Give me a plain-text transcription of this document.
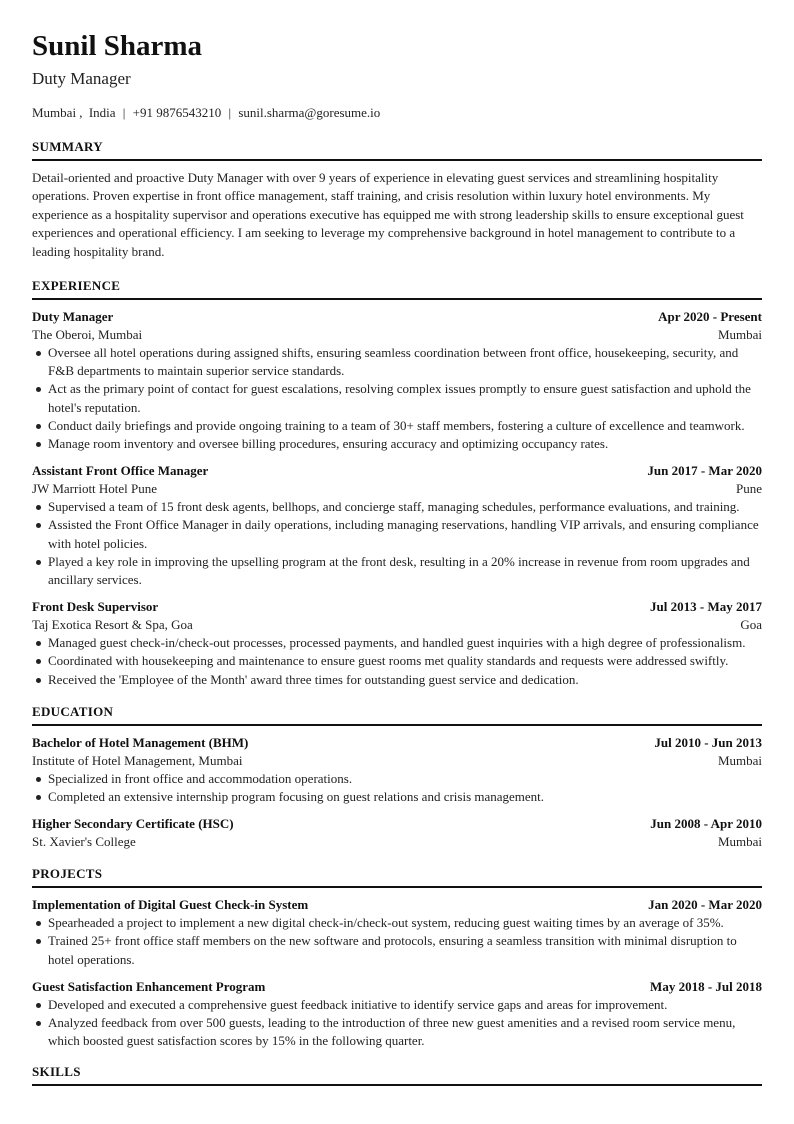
Sunil Sharma
Duty Manager
Mumbai , India | +91 9876543210 | sunil.sharma@goresume.io
SUMMARY
Detail-oriented and proactive Duty Manager with over 9 years of experience in elevating guest services and streamlining hospitality operations. Proven expertise in front office management, staff training, and crisis resolution within luxury hotel environments. My experience as a hospitality supervisor and operations executive has equipped me with strong leadership skills to ensure exceptional guest experiences and operational efficiency. I am seeking to leverage my comprehensive background in hotel management to contribute to a leading hospitality brand.
EXPERIENCE
Duty Manager	Apr 2020 - Present
The Oberoi, Mumbai	Mumbai
Oversee all hotel operations during assigned shifts, ensuring seamless coordination between front office, housekeeping, security, and F&B departments to maintain superior service standards.
Act as the primary point of contact for guest escalations, resolving complex issues promptly to ensure guest satisfaction and uphold the hotel's reputation.
Conduct daily briefings and provide ongoing training to a team of 30+ staff members, fostering a culture of excellence and teamwork.
Manage room inventory and oversee billing procedures, ensuring accuracy and optimizing occupancy rates.
Assistant Front Office Manager	Jun 2017 - Mar 2020
JW Marriott Hotel Pune	Pune
Supervised a team of 15 front desk agents, bellhops, and concierge staff, managing schedules, performance evaluations, and training.
Assisted the Front Office Manager in daily operations, including managing reservations, handling VIP arrivals, and ensuring compliance with hotel policies.
Played a key role in improving the upselling program at the front desk, resulting in a 20% increase in revenue from room upgrades and ancillary services.
Front Desk Supervisor	Jul 2013 - May 2017
Taj Exotica Resort & Spa, Goa	Goa
Managed guest check-in/check-out processes, processed payments, and handled guest inquiries with a high degree of professionalism.
Coordinated with housekeeping and maintenance to ensure guest rooms met quality standards and requests were addressed swiftly.
Received the 'Employee of the Month' award three times for outstanding guest service and dedication.
EDUCATION
Bachelor of Hotel Management (BHM)	Jul 2010 - Jun 2013
Institute of Hotel Management, Mumbai	Mumbai
Specialized in front office and accommodation operations.
Completed an extensive internship program focusing on guest relations and crisis management.
Higher Secondary Certificate (HSC)	Jun 2008 - Apr 2010
St. Xavier's College	Mumbai
PROJECTS
Implementation of Digital Guest Check-in System	Jan 2020 - Mar 2020
Spearheaded a project to implement a new digital check-in/check-out system, reducing guest waiting times by an average of 35%.
Trained 25+ front office staff members on the new software and protocols, ensuring a seamless transition with minimal disruption to hotel operations.
Guest Satisfaction Enhancement Program	May 2018 - Jul 2018
Developed and executed a comprehensive guest feedback initiative to identify service gaps and areas for improvement.
Analyzed feedback from over 500 guests, leading to the introduction of three new guest amenities and a revised room service menu, which boosted guest satisfaction scores by 15% in the following quarter.
SKILLS
